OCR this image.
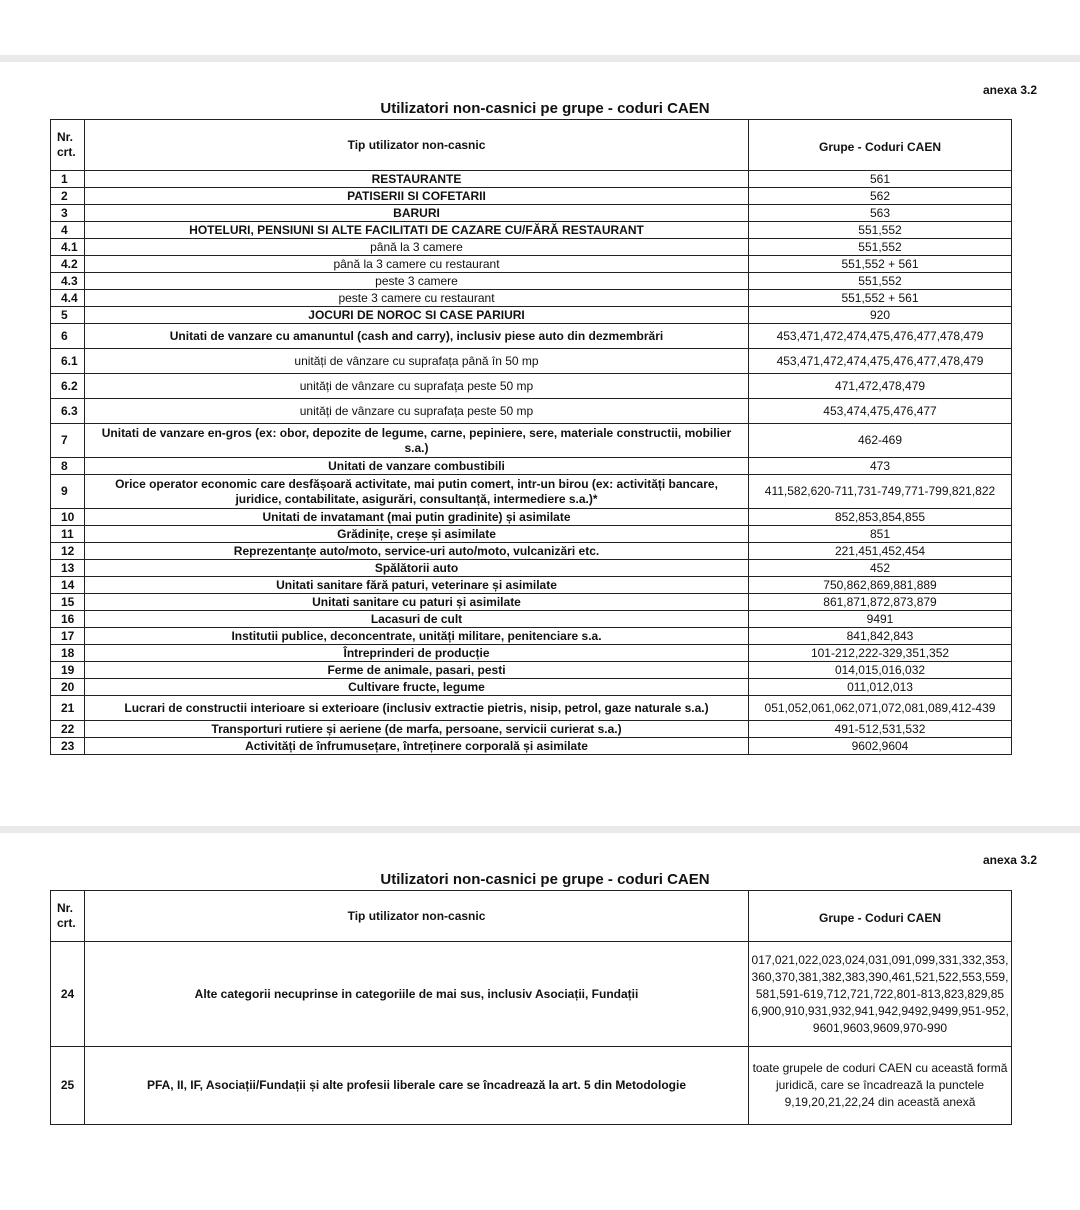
anexa 3.2
Utilizatori non-casnici pe grupe - coduri CAEN
Nr.
crt.	Tip utilizator non-casnic	Grupe - Coduri CAEN
1	RESTAURANTE	561
2	PATISERII SI COFETARII	562
3	BARURI	563
4	HOTELURI, PENSIUNI SI ALTE FACILITATI DE CAZARE CU/FĂRĂ RESTAURANT	551,552
4.1	până la 3 camere	551,552
4.2	până la 3 camere cu restaurant	551,552 + 561
4.3	peste 3 camere	551,552
4.4	peste 3 camere cu restaurant	551,552 + 561
5	JOCURI DE NOROC SI CASE PARIURI	920
6	Unitati de vanzare cu amanuntul (cash and carry), inclusiv piese auto din dezmembrări	453,471,472,474,475,476,477,478,479
6.1	unități de vânzare cu suprafața până în 50 mp	453,471,472,474,475,476,477,478,479
6.2	unități de vânzare cu suprafața peste 50 mp	471,472,478,479
6.3	unități de vânzare cu suprafața peste 50 mp	453,474,475,476,477
7	Unitati de vanzare en-gros (ex: obor, depozite de legume, carne, pepiniere, sere, materiale constructii, mobilier s.a.)	462-469
8	Unitati de vanzare combustibili	473
9	Orice operator economic care desfășoară activitate, mai putin comert, intr-un birou (ex: activități bancare, juridice, contabilitate, asigurări, consultanță, intermediere s.a.)*	411,582,620-711,731-749,771-799,821,822
10	Unitati de invatamant (mai putin gradinite) și asimilate	852,853,854,855
11	Grădinițe, creșe și asimilate	851
12	Reprezentanțe auto/moto, service-uri auto/moto, vulcanizări etc.	221,451,452,454
13	Spălătorii auto	452
14	Unitati sanitare fără paturi, veterinare și asimilate	750,862,869,881,889
15	Unitati sanitare cu paturi și asimilate	861,871,872,873,879
16	Lacasuri de cult	9491
17	Institutii publice, deconcentrate, unități militare, penitenciare s.a.	841,842,843
18	Întreprinderi de producție	101-212,222-329,351,352
19	Ferme de animale, pasari, pesti	014,015,016,032
20	Cultivare fructe, legume	011,012,013
21	Lucrari de constructii interioare si exterioare (inclusiv extractie pietris, nisip, petrol, gaze naturale s.a.)	051,052,061,062,071,072,081,089,412-439
22	Transporturi rutiere și aeriene (de marfa, persoane, servicii curierat s.a.)	491-512,531,532
23	Activități de înfrumusețare, întreținere corporală și asimilate	9602,9604
anexa 3.2
Utilizatori non-casnici pe grupe - coduri CAEN
Nr.
crt.	Tip utilizator non-casnic	Grupe - Coduri CAEN
24	Alte categorii necuprinse in categoriile de mai sus, inclusiv Asociații, Fundații	017,021,022,023,024,031,091,099,331,332,353,360,370,381,382,383,390,461,521,522,553,559,581,591-619,712,721,722,801-813,823,829,856,900,910,931,932,941,942,9492,9499,951-952, 9601,9603,9609,970-990
25	PFA, II, IF, Asociații/Fundații și alte profesii liberale care se încadrează la art. 5 din Metodologie	toate grupele de coduri CAEN cu această formă juridică, care se încadrează la punctele 9,19,20,21,22,24 din această anexă
